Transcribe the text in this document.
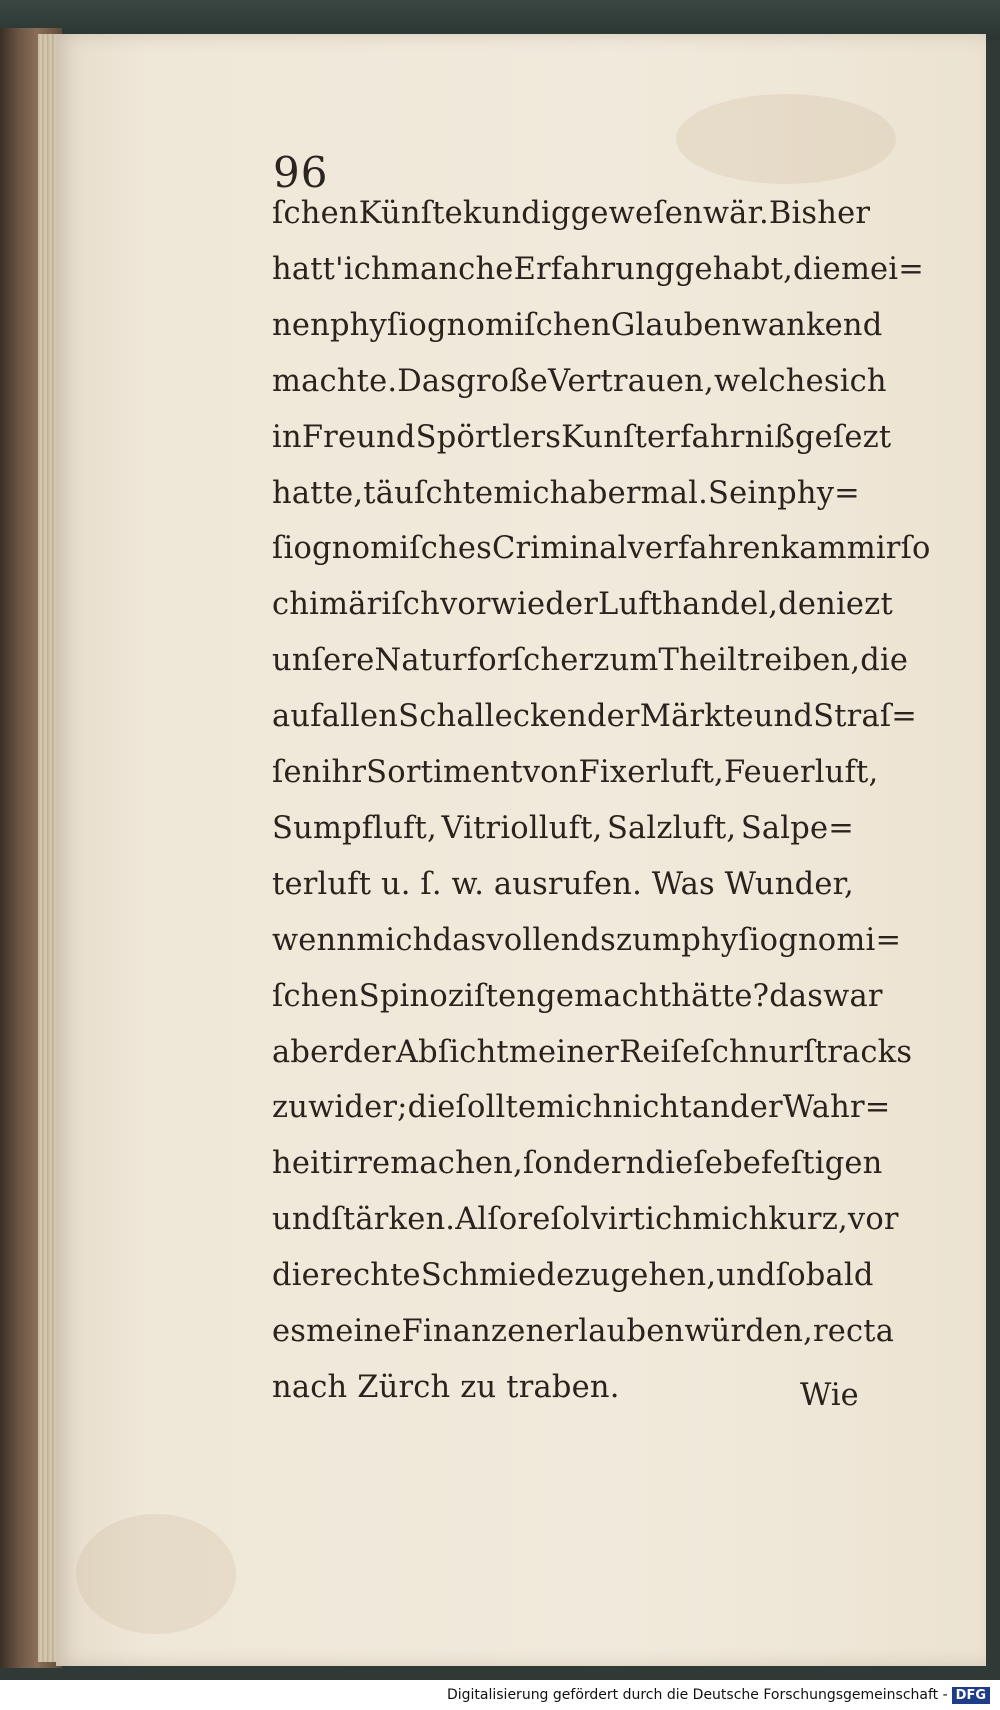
96
ſchen Künſte kundig geweſen wär. Bisher
hatt' ich manche Erfahrung gehabt, die mei=
nen phyſiognomiſchen Glauben wankend
machte. Das große Vertrauen, welches ich
in Freund Spörtlers Kunſterfahrniß geſezt
hatte, täuſchte mich abermal. Sein phy=
ſiognomiſches Criminalverfahren kam mir ſo
chimäriſch vor wie der Lufthandel, den iezt
unſere Naturforſcher zum Theil treiben, die
auf allen Schallecken der Märkte und Straſ=
ſen ihr Sortiment von Fixerluft, Feuerluft,
Sumpfluft, Vitriolluft, Salzluft, Salpe=
terluft u. ſ. w. ausrufen. Was Wunder,
wenn mich das vollends zum phyſiognomi=
ſchen Spinoziſten gemacht hätte? das war
aber der Abſicht meiner Reiſe ſchnurſtracks
zuwider; die ſollte mich nicht an der Wahr=
heit irre machen, ſondern dieſe befeſtigen
und ſtärken. Alſo reſolvirt ich mich kurz, vor
die rechte Schmiede zu gehen, und ſo bald
es meine Finanzen erlauben würden, recta
nach Zürch zu traben.	Wie
Digitalisierung gefördert durch die Deutsche Forschungsgemeinschaft - DFG
